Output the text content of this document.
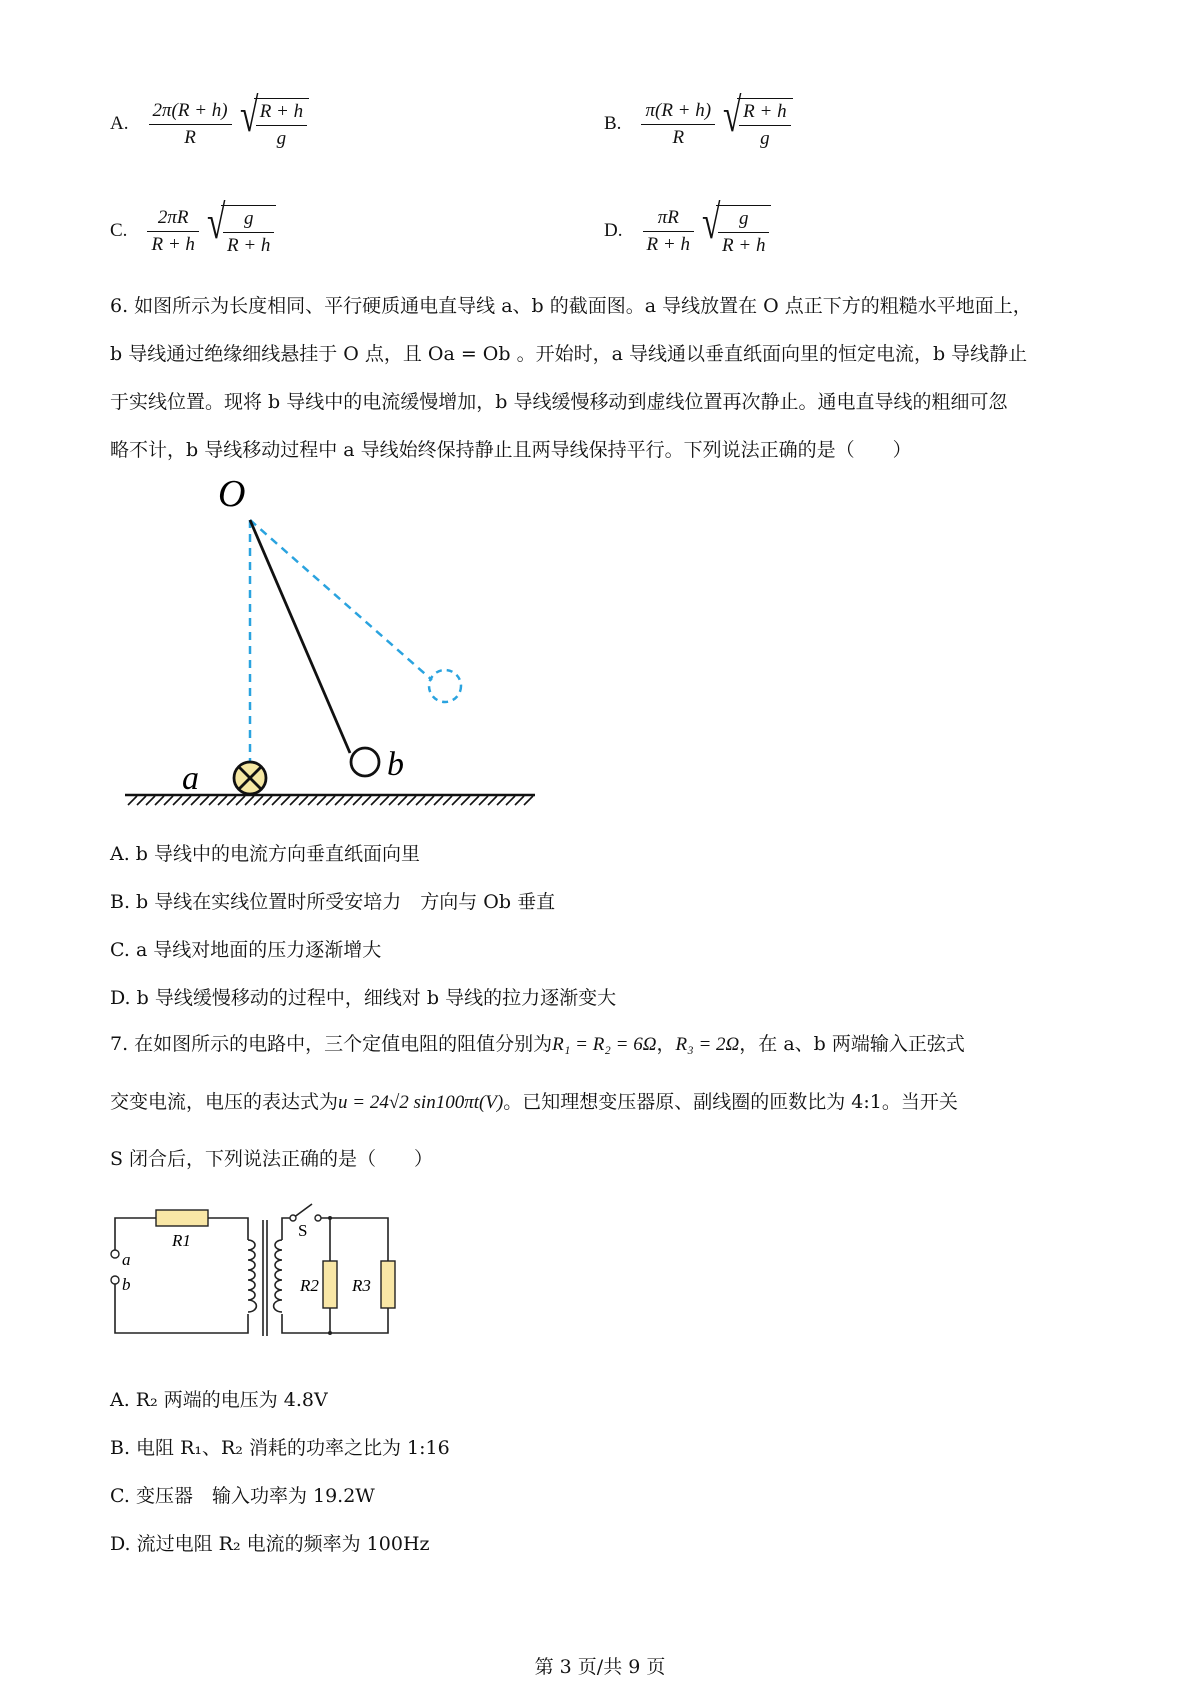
A. $\frac{2\pi(R + h)}{R}$
√
$\frac{R + h}{g}$	B. $\frac{\pi(R + h)}{R}$
√
$\frac{R + h}{g}$
C. $\frac{2\pi R}{R + h}$
√
$\frac{g}{R + h}$	D. $\frac{\pi R}{R + h}$
√
$\frac{g}{R + h}$
6. 如图所示为长度相同、平行硬质通电直导线 a、b 的截面图。a 导线放置在 O 点正下方的粗糙水平地面上，
b 导线通过绝缘细线悬挂于 O 点，且 Oa = Ob 。开始时，a 导线通以垂直纸面向里的恒定电流，b 导线静止
于实线位置。现将 b 导线中的电流缓慢增加，b 导线缓慢移动到虚线位置再次静止。通电直导线的粗细可忽
略不计，b 导线移动过程中 a 导线始终保持静止且两导线保持平行。下列说法正确的是（　　）
O
b
a
A. b 导线中的电流方向垂直纸面向里
B. b 导线在实线位置时所受安培力　方向与 Ob 垂直
C. a 导线对地面的压力逐渐增大
D. b 导线缓慢移动的过程中，细线对 b 导线的拉力逐渐变大
7. 在如图所示的电路中，三个定值电阻的阻值分别为R₁ = R₂ = 6Ω，R₃ = 2Ω，在 a、b 两端输入正弦式
交变电流，电压的表达式为u = 24√2 sin100πt(V)。已知理想变压器原、副线圈的匝数比为 4:1。当开关
S 闭合后，下列说法正确的是（　　）
a
b
S
R1
R2 R3
A. R₂ 两端的电压为 4.8V
B. 电阻 R₁、R₂ 消耗的功率之比为 1:16
C. 变压器　输入功率为 19.2W
D. 流过电阻 R₂ 电流的频率为 100Hz
第 3 页/共 9 页
